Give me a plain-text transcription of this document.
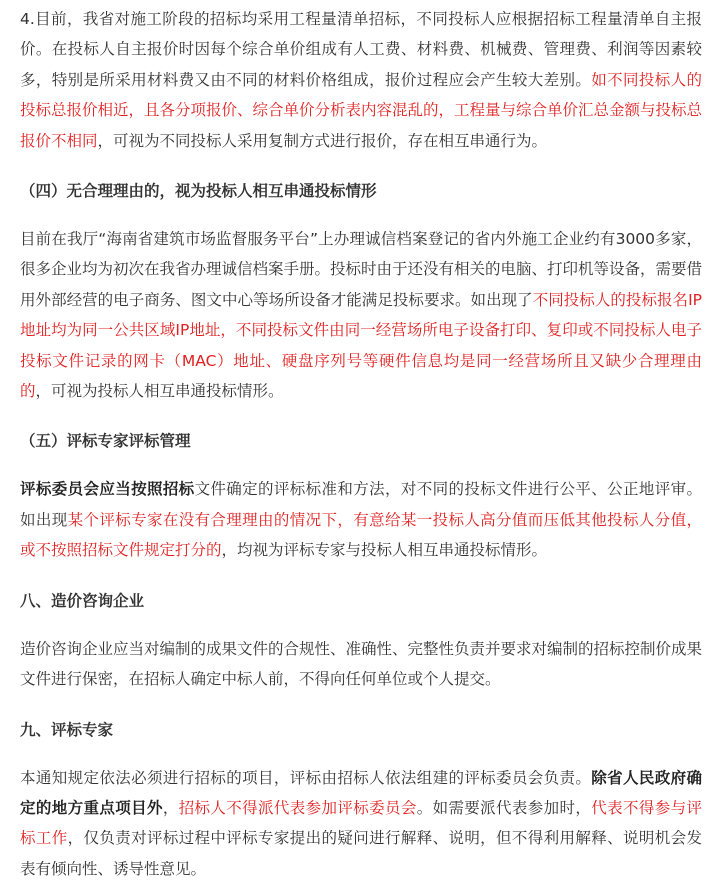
4.目前，我省对施工阶段的招标均采用工程量清单招标，不同投标人应根据招标工程量清单自主报价。在投标人自主报价时因每个综合单价组成有人工费、材料费、机械费、管理费、利润等因素较多，特别是所采用材料费又由不同的材料价格组成，报价过程应会产生较大差别。如不同投标人的投标总报价相近，且各分项报价、综合单价分析表内容混乱的，工程量与综合单价汇总金额与投标总报价不相同，可视为不同投标人采用复制方式进行报价，存在相互串通行为。

（四）无合理理由的，视为投标人相互串通投标情形

目前在我厅“海南省建筑市场监督服务平台”上办理诚信档案登记的省内外施工企业约有3000多家，很多企业均为初次在我省办理诚信档案手册。投标时由于还没有相关的电脑、打印机等设备，需要借用外部经营的电子商务、图文中心等场所设备才能满足投标要求。如出现了不同投标人的投标报名IP地址均为同一公共区域IP地址，不同投标文件由同一经营场所电子设备打印、复印或不同投标人电子投标文件记录的网卡（MAC）地址、硬盘序列号等硬件信息均是同一经营场所且又缺少合理理由的，可视为投标人相互串通投标情形。

（五）评标专家评标管理

评标委员会应当按照招标文件确定的评标标准和方法，对不同的投标文件进行公平、公正地评审。如出现某个评标专家在没有合理理由的情况下，有意给某一投标人高分值而压低其他投标人分值，或不按照招标文件规定打分的，均视为评标专家与投标人相互串通投标情形。

八、造价咨询企业

造价咨询企业应当对编制的成果文件的合规性、准确性、完整性负责并要求对编制的招标控制价成果文件进行保密，在招标人确定中标人前，不得向任何单位或个人提交。

九、评标专家

本通知规定依法必须进行招标的项目，评标由招标人依法组建的评标委员会负责。除省人民政府确定的地方重点项目外，招标人不得派代表参加评标委员会。如需要派代表参加时，代表不得参与评标工作，仅负责对评标过程中评标专家提出的疑问进行解释、说明，但不得利用解释、说明机会发表有倾向性、诱导性意见。
